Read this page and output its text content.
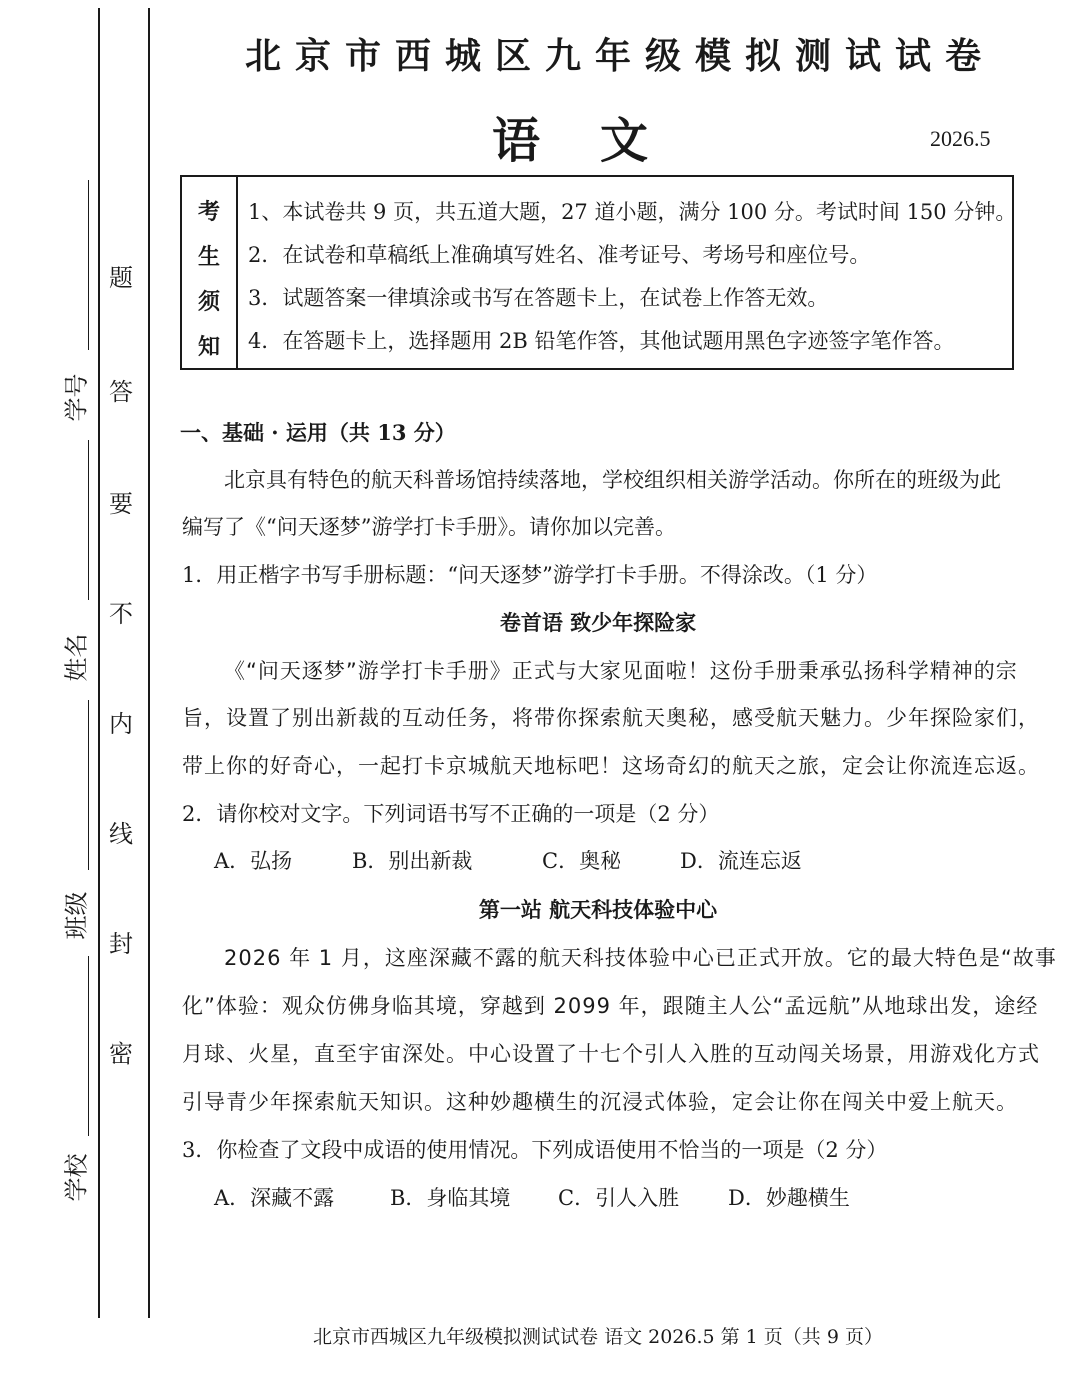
题
答
要
不
内
线
封
密
学号
姓名
班级
学校
北京市西城区九年级模拟测试试卷
语文	2026.5
考
生
须
知
1、本试卷共 9 页，共五道大题，27 道小题，满分 100 分。考试时间 150 分钟。
2．在试卷和草稿纸上准确填写姓名、准考证号、考场号和座位号。
3．试题答案一律填涂或书写在答题卡上，在试卷上作答无效。
4．在答题卡上，选择题用 2B 铅笔作答，其他试题用黑色字迹签字笔作答。
一、基础 · 运用（共 13 分）
北京具有特色的航天科普场馆持续落地，学校组织相关游学活动。你所在的班级为此
编写了《“问天逐梦”游学打卡手册》。请你加以完善。
1．用正楷字书写手册标题：“问天逐梦”游学打卡手册。不得涂改。（1 分）
卷首语 致少年探险家
《“问天逐梦”游学打卡手册》正式与大家见面啦！这份手册秉承弘扬科学精神的宗
旨，设置了别出新裁的互动任务，将带你探索航天奥秘，感受航天魅力。少年探险家们，
带上你的好奇心，一起打卡京城航天地标吧！这场奇幻的航天之旅，定会让你流连忘返。
2．请你校对文字。下列词语书写不正确的一项是（2 分）
A．弘扬	B．别出新裁	C．奥秘	D．流连忘返
第一站 航天科技体验中心
2026 年 1 月，这座深藏不露的航天科技体验中心已正式开放。它的最大特色是“故事
化”体验：观众仿佛身临其境，穿越到 2099 年，跟随主人公“孟远航”从地球出发，途经
月球、火星，直至宇宙深处。中心设置了十七个引人入胜的互动闯关场景，用游戏化方式
引导青少年探索航天知识。这种妙趣横生的沉浸式体验，定会让你在闯关中爱上航天。
3．你检查了文段中成语的使用情况。下列成语使用不恰当的一项是（2 分）
A．深藏不露	B．身临其境 C．引人入胜 D．妙趣横生
北京市西城区九年级模拟测试试卷 语文 2026.5 第 1 页（共 9 页）
